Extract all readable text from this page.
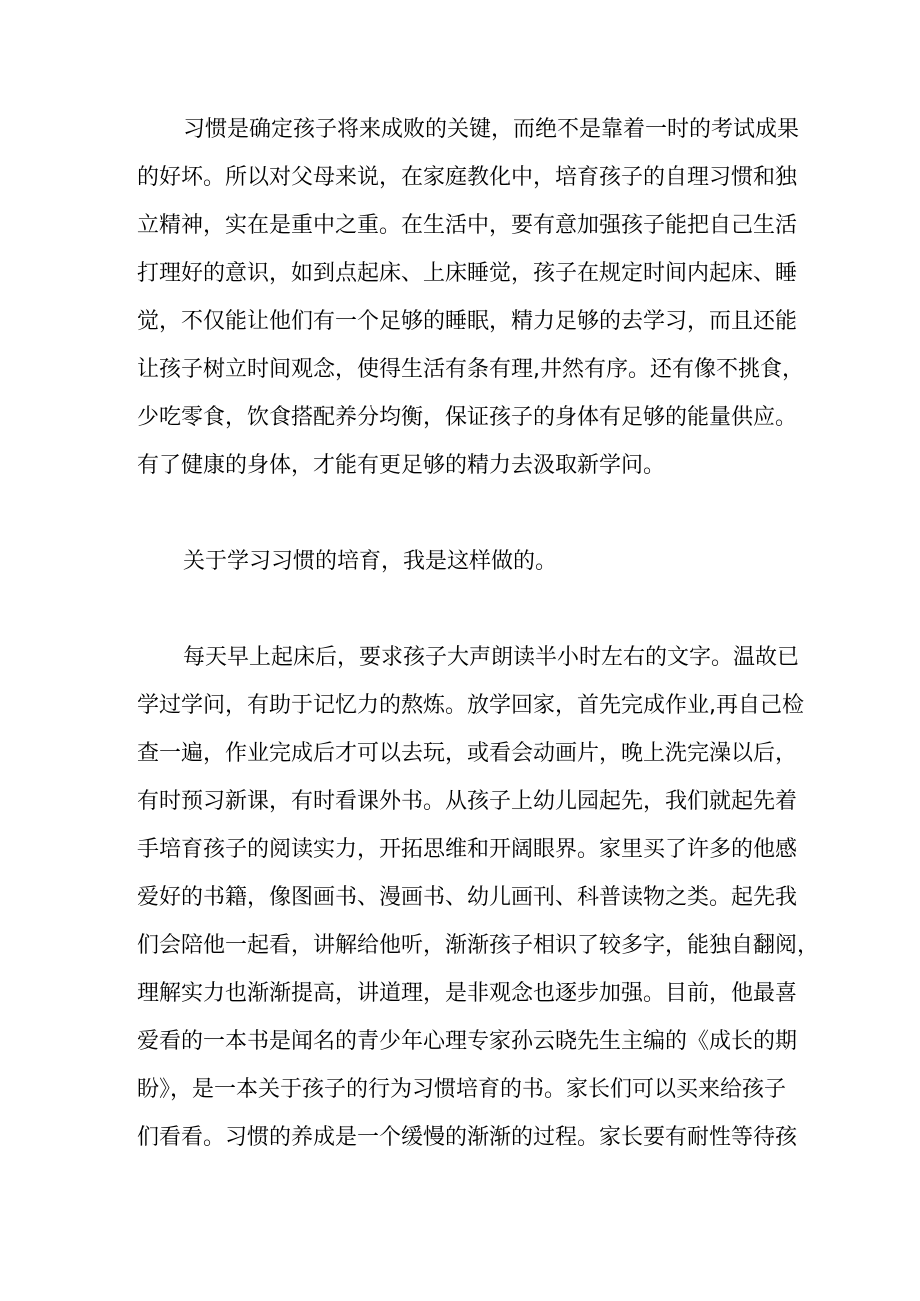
习惯是确定孩子将来成败的关键，而绝不是靠着一时的考试成果
的好坏。所以对父母来说，在家庭教化中，培育孩子的自理习惯和独
立精神，实在是重中之重。在生活中，要有意加强孩子能把自己生活
打理好的意识，如到点起床、上床睡觉，孩子在规定时间内起床、睡
觉，不仅能让他们有一个足够的睡眠，精力足够的去学习，而且还能
让孩子树立时间观念，使得生活有条有理,井然有序。还有像不挑食，
少吃零食，饮食搭配养分均衡，保证孩子的身体有足够的能量供应。
有了健康的身体，才能有更足够的精力去汲取新学问。
关于学习习惯的培育，我是这样做的。
每天早上起床后，要求孩子大声朗读半小时左右的文字。温故已
学过学问，有助于记忆力的熬炼。放学回家，首先完成作业,再自己检
查一遍，作业完成后才可以去玩，或看会动画片，晚上洗完澡以后，
有时预习新课，有时看课外书。从孩子上幼儿园起先，我们就起先着
手培育孩子的阅读实力，开拓思维和开阔眼界。家里买了许多的他感
爱好的书籍，像图画书、漫画书、幼儿画刊、科普读物之类。起先我
们会陪他一起看，讲解给他听，渐渐孩子相识了较多字，能独自翻阅，
理解实力也渐渐提高，讲道理，是非观念也逐步加强。目前，他最喜
爱看的一本书是闻名的青少年心理专家孙云晓先生主编的《成长的期
盼》，是一本关于孩子的行为习惯培育的书。家长们可以买来给孩子
们看看。习惯的养成是一个缓慢的渐渐的过程。家长要有耐性等待孩
